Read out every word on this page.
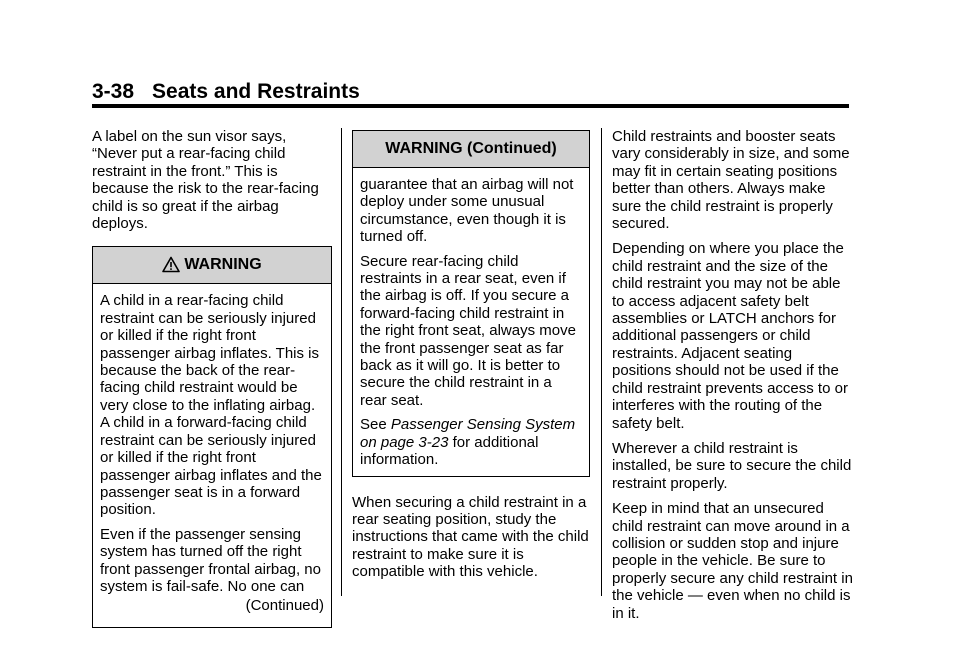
3-38 Seats and Restraints

A label on the sun visor says, “Never put a rear-facing child restraint in the front.” This is because the risk to the rear-facing child is so great if the airbag deploys.

WARNING

A child in a rear-facing child restraint can be seriously injured or killed if the right front passenger airbag inflates. This is because the back of the rear-facing child restraint would be very close to the inflating airbag. A child in a forward-facing child restraint can be seriously injured or killed if the right front passenger airbag inflates and the passenger seat is in a forward position.

Even if the passenger sensing system has turned off the right front passenger frontal airbag, no system is fail-safe. No one can

(Continued)

WARNING (Continued)

guarantee that an airbag will not deploy under some unusual circumstance, even though it is turned off.

Secure rear-facing child restraints in a rear seat, even if the airbag is off. If you secure a forward-facing child restraint in the right front seat, always move the front passenger seat as far back as it will go. It is better to secure the child restraint in a rear seat.

See Passenger Sensing System on page 3-23 for additional information.

When securing a child restraint in a rear seating position, study the instructions that came with the child restraint to make sure it is compatible with this vehicle.

Child restraints and booster seats vary considerably in size, and some may fit in certain seating positions better than others. Always make sure the child restraint is properly secured.

Depending on where you place the child restraint and the size of the child restraint you may not be able to access adjacent safety belt assemblies or LATCH anchors for additional passengers or child restraints. Adjacent seating positions should not be used if the child restraint prevents access to or interferes with the routing of the safety belt.

Wherever a child restraint is installed, be sure to secure the child restraint properly.

Keep in mind that an unsecured child restraint can move around in a collision or sudden stop and injure people in the vehicle. Be sure to properly secure any child restraint in the vehicle — even when no child is in it.
